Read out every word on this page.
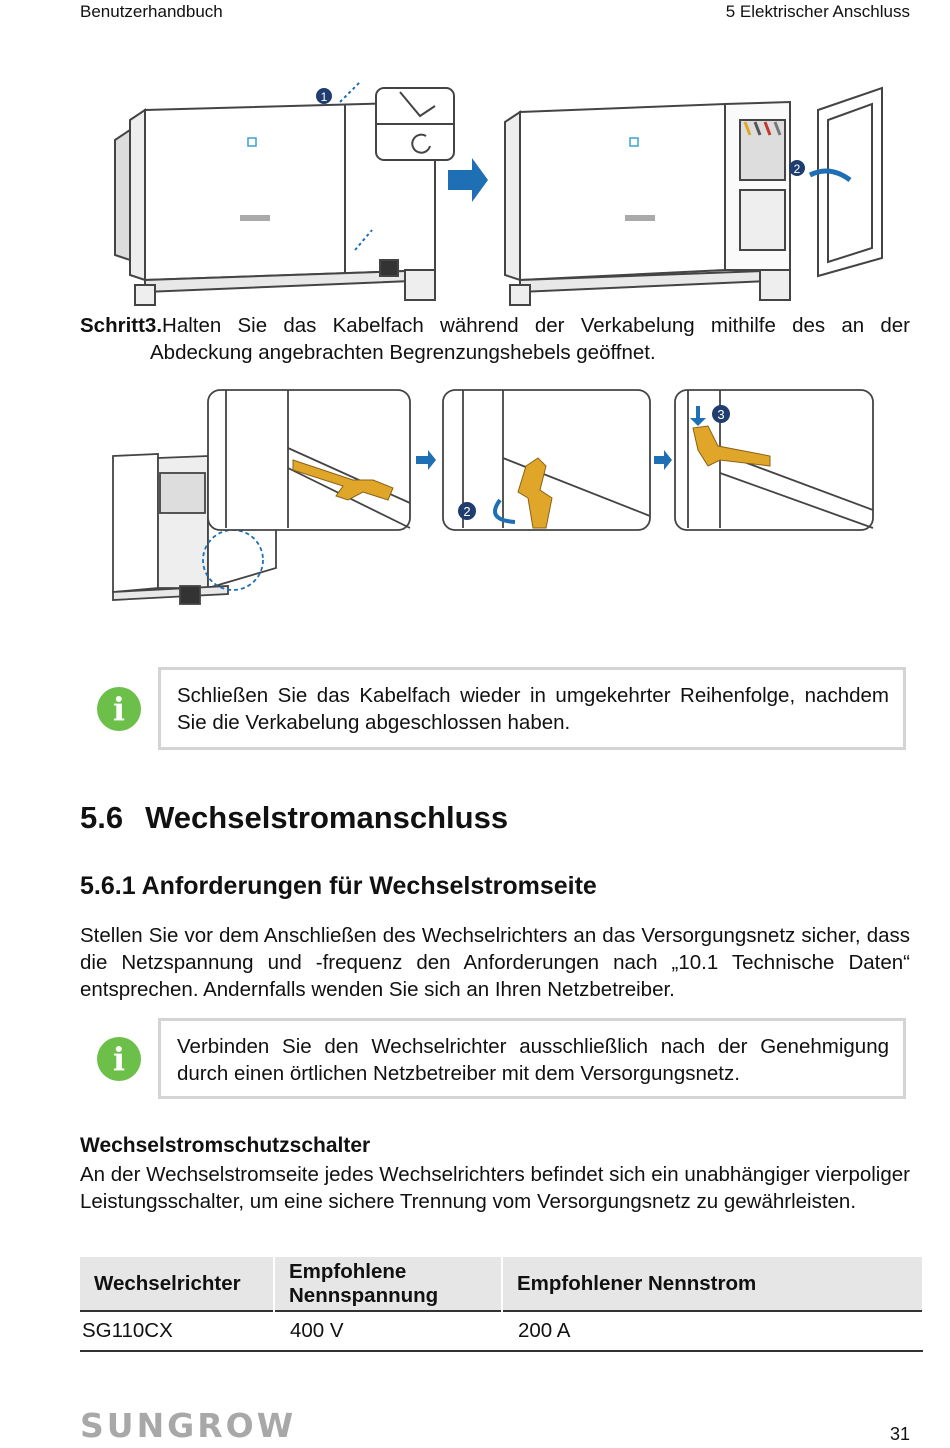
Benutzerhandbuch	5 Elektrischer Anschluss
1
2
Schritt3.Halten Sie das Kabelfach während der Verkabelung mithilfe des an der Abdeckung angebrachten Begrenzungshebels geöffnet.
2
3
i	Schließen Sie das Kabelfach wieder in umgekehrter Reihenfolge, nachdem Sie die Verkabelung abgeschlossen haben.
5.6 Wechselstromanschluss
5.6.1 Anforderungen für Wechselstromseite
Stellen Sie vor dem Anschließen des Wechselrichters an das Versorgungsnetz sicher, dass die Netzspannung und -frequenz den Anforderungen nach „10.1 Technische Daten“ entsprechen. Andernfalls wenden Sie sich an Ihren Netzbetreiber.
i	Verbinden Sie den Wechselrichter ausschließlich nach der Genehmigung durch einen örtlichen Netzbetreiber mit dem Versorgungsnetz.
Wechselstromschutzschalter
An der Wechselstromseite jedes Wechselrichters befindet sich ein unabhängiger vierpoliger Leistungsschalter, um eine sichere Trennung vom Versorgungsnetz zu gewährleisten.
Wechselrichter	Empfohlene Nennspannung	Empfohlener Nennstrom
SG110CX	400 V	200 A
SUNGROW	31
